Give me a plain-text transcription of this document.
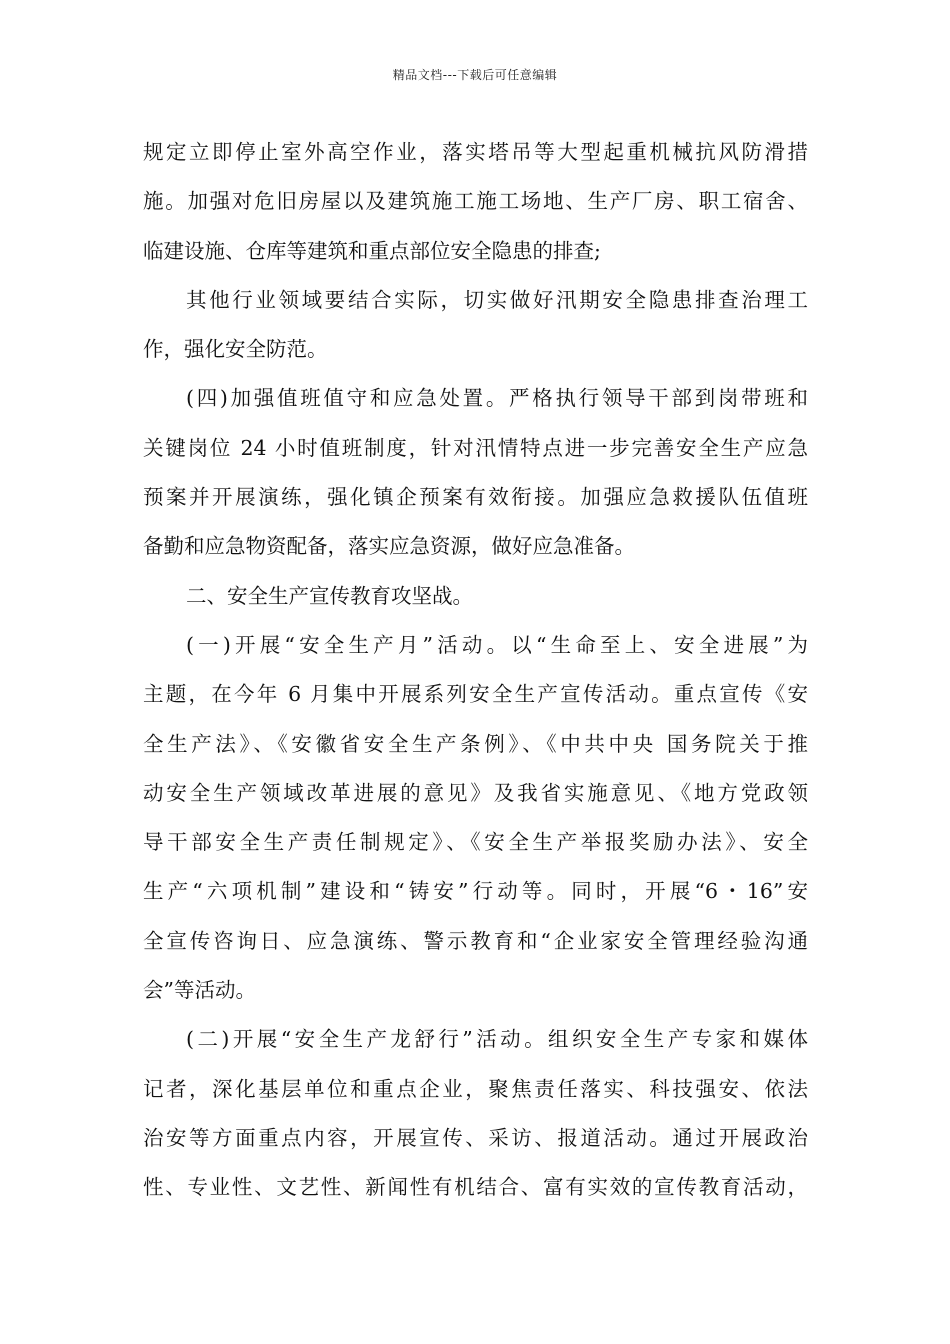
精品文档---下载后可任意编辑
规定立即停止室外高空作业，落实塔吊等大型起重机械抗风防滑措
施。加强对危旧房屋以及建筑施工施工场地、生产厂房、职工宿舍、
临建设施、仓库等建筑和重点部位安全隐患的排查;
其他行业领域要结合实际，切实做好汛期安全隐患排查治理工
作，强化安全防范。
(四)加强值班值守和应急处置。严格执行领导干部到岗带班和
关键岗位 24 小时值班制度，针对汛情特点进一步完善安全生产应急
预案并开展演练，强化镇企预案有效衔接。加强应急救援队伍值班
备勤和应急物资配备，落实应急资源，做好应急准备。
二、安全生产宣传教育攻坚战。
(一)开展“安全生产月”活动。以“生命至上、安全进展”为
主题，在今年 6 月集中开展系列安全生产宣传活动。重点宣传《安
全生产法》、《安徽省安全生产条例》、《中共中央 国务院关于推
动安全生产领域改革进展的意见》及我省实施意见、《地方党政领
导干部安全生产责任制规定》、《安全生产举报奖励办法》、安全
生产“六项机制”建设和“铸安”行动等。同时，开展“6・16”安
全宣传咨询日、应急演练、警示教育和“企业家安全管理经验沟通
会”等活动。
(二)开展“安全生产龙舒行”活动。组织安全生产专家和媒体
记者，深化基层单位和重点企业，聚焦责任落实、科技强安、依法
治安等方面重点内容，开展宣传、采访、报道活动。通过开展政治
性、专业性、文艺性、新闻性有机结合、富有实效的宣传教育活动，
